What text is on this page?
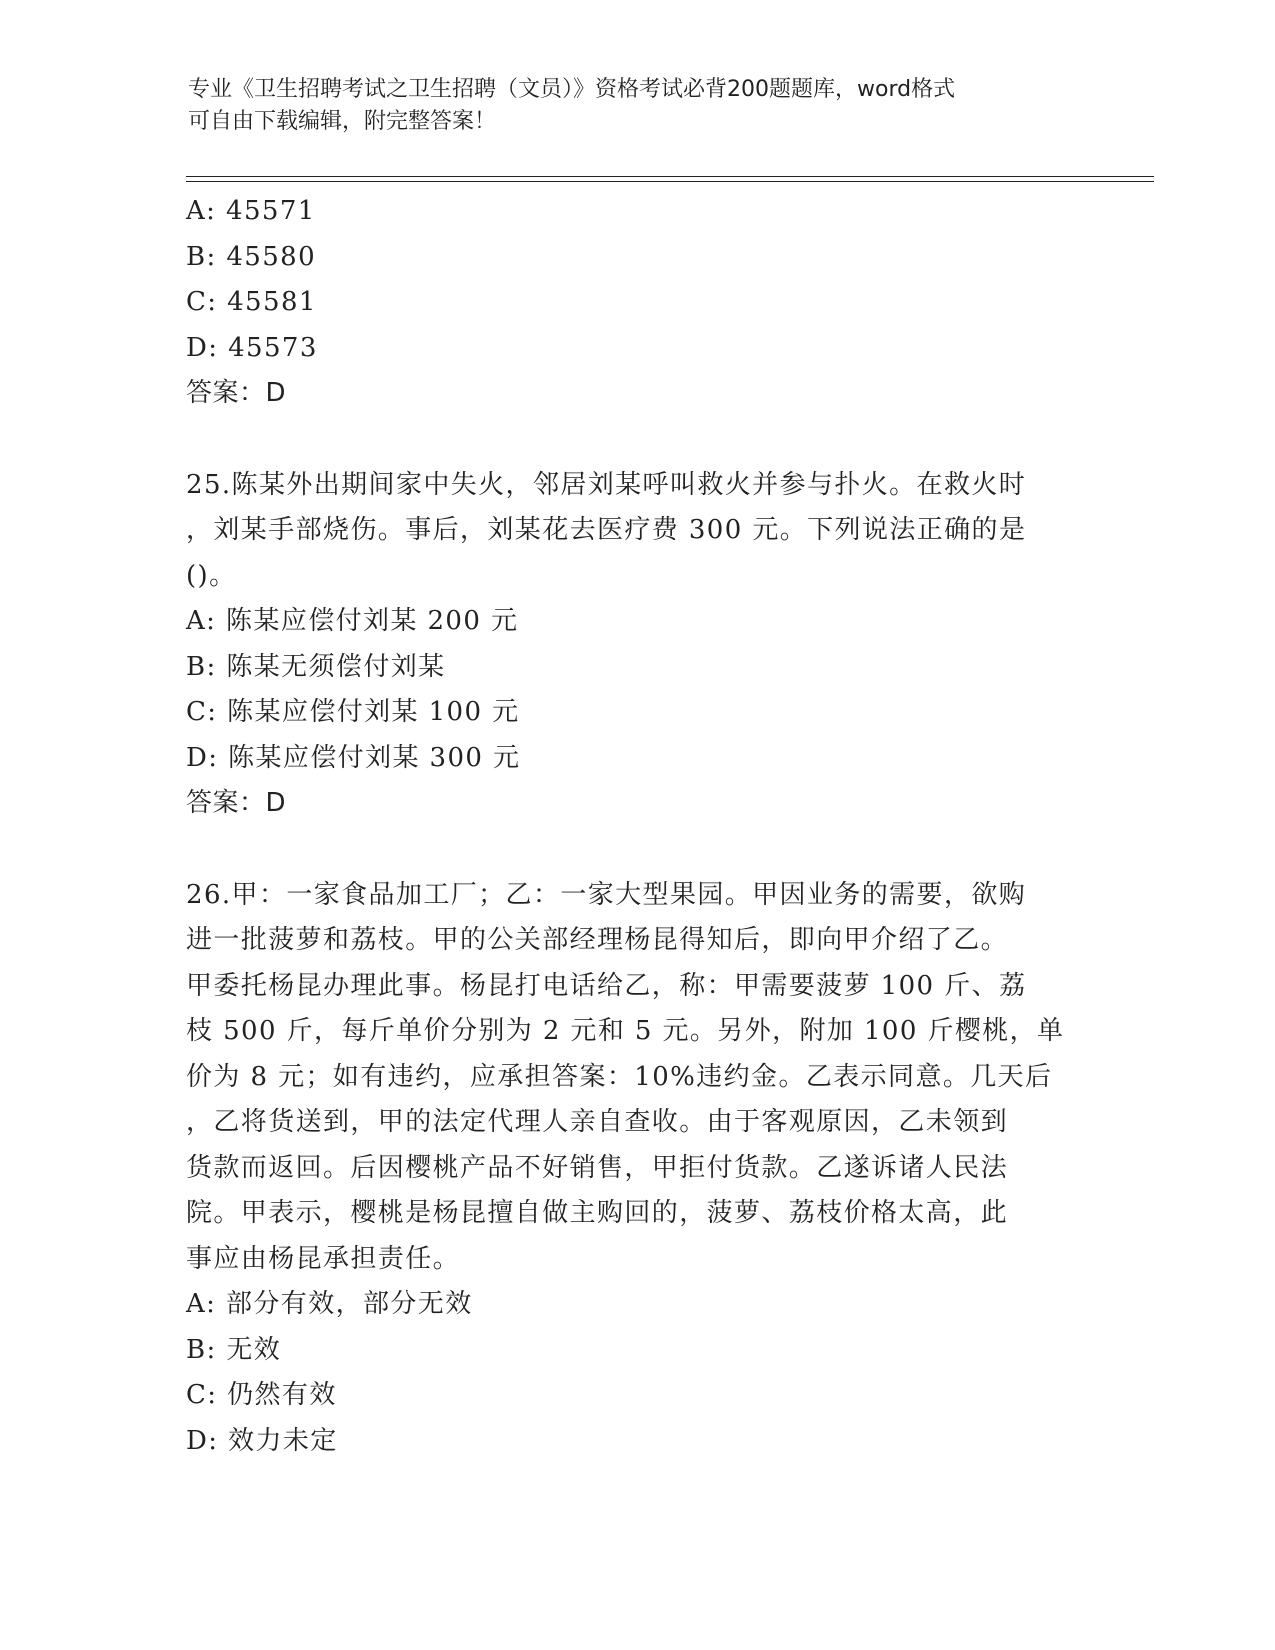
专业《卫生招聘考试之卫生招聘（文员）》资格考试必背200题题库，word格式
可自由下载编辑，附完整答案！
A: 45571
B: 45580
C: 45581
D: 45573
答案：D
25.陈某外出期间家中失火，邻居刘某呼叫救火并参与扑火。在救火时
，刘某手部烧伤。事后，刘某花去医疗费 300 元。下列说法正确的是
()。
A: 陈某应偿付刘某 200 元
B: 陈某无须偿付刘某
C: 陈某应偿付刘某 100 元
D: 陈某应偿付刘某 300 元
答案：D
26.甲：一家食品加工厂；乙：一家大型果园。甲因业务的需要，欲购
进一批菠萝和荔枝。甲的公关部经理杨昆得知后，即向甲介绍了乙。
甲委托杨昆办理此事。杨昆打电话给乙，称：甲需要菠萝 100 斤、荔
枝 500 斤，每斤单价分别为 2 元和 5 元。另外，附加 100 斤樱桃，单
价为 8 元；如有违约，应承担答案：10%违约金。乙表示同意。几天后
，乙将货送到，甲的法定代理人亲自查收。由于客观原因，乙未领到
货款而返回。后因樱桃产品不好销售，甲拒付货款。乙遂诉诸人民法
院。甲表示，樱桃是杨昆擅自做主购回的，菠萝、荔枝价格太高，此
事应由杨昆承担责任。
A: 部分有效，部分无效
B: 无效
C: 仍然有效
D: 效力未定
